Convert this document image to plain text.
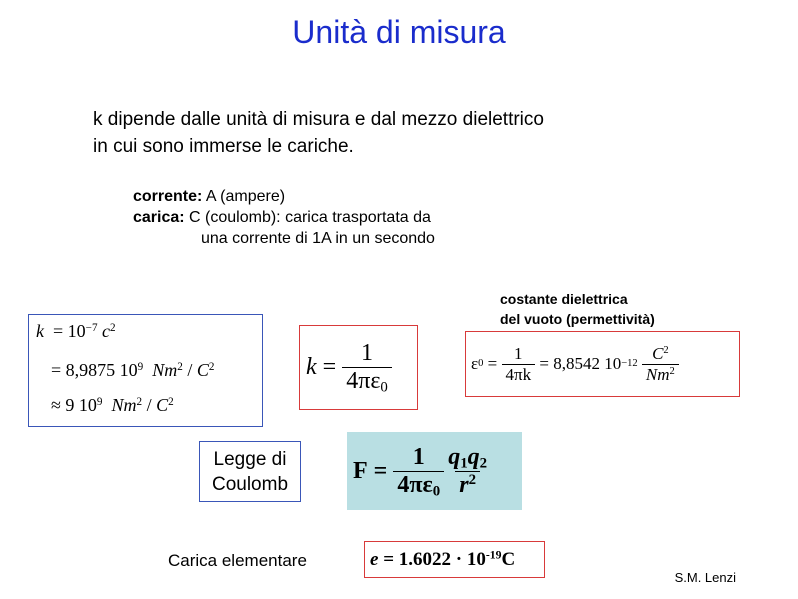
Unità di misura
k dipende dalle unità di misura e dal mezzo dielettrico
in cui sono immerse le cariche.
corrente: A (ampere)
carica: C (coulomb): carica trasportata da
una corrente di 1A in un secondo
$k = 10^{-7}$ $c^2$
= 8,9875 $10^9$ $Nm^2 / C^2$
≈ 9 $10^9$ $Nm^2 / C^2$
$k = \frac{1}{4\pi\varepsilon_0}$
costante dielettrica
del vuoto (permettività)
ε $0 = \frac{1}{4\pi k} = 8,8542$ 10 −12
$\frac{C^2}{Nm^2}$
Legge di
Coulomb
$F = \frac{1}{4\pi\varepsilon_0} \frac{q_1q_2}{r^2}$
Carica elementare	$e = 1.6022 \cdot 10^{-19}C$
S.M. Lenzi
